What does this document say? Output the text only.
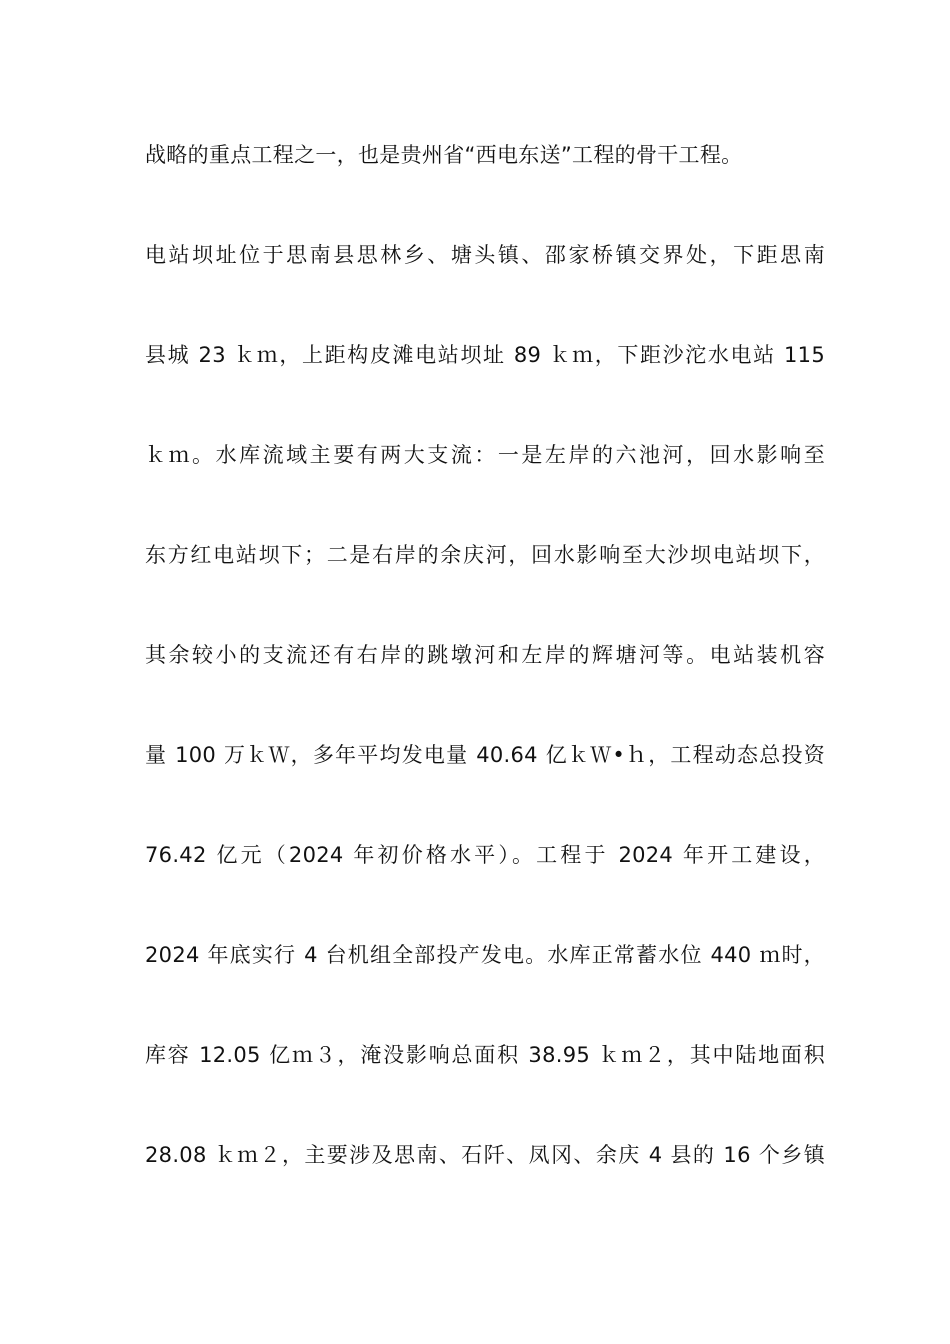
战略的重点工程之一，也是贵州省“西电东送”工程的骨干工程。
电站坝址位于思南县思林乡、塘头镇、邵家桥镇交界处，下距思南
县城 23 ｋｍ，上距构皮滩电站坝址 89 ｋｍ，下距沙沱水电站 115
ｋｍ。水库流域主要有两大支流：一是左岸的六池河，回水影响至
东方红电站坝下；二是右岸的余庆河，回水影响至大沙坝电站坝下，
其余较小的支流还有右岸的跳墩河和左岸的辉塘河等。电站装机容
量 100 万ｋＷ，多年平均发电量 40.64 亿ｋＷ•ｈ，工程动态总投资
76.42 亿元（2024 年初价格水平）。工程于 2024 年开工建设，
2024 年底实行 4 台机组全部投产发电。水库正常蓄水位 440 ｍ时，
库容 12.05 亿ｍ３，淹没影响总面积 38.95 ｋｍ２，其中陆地面积
28.08 ｋｍ２，主要涉及思南、石阡、凤冈、余庆 4 县的 16 个乡镇
